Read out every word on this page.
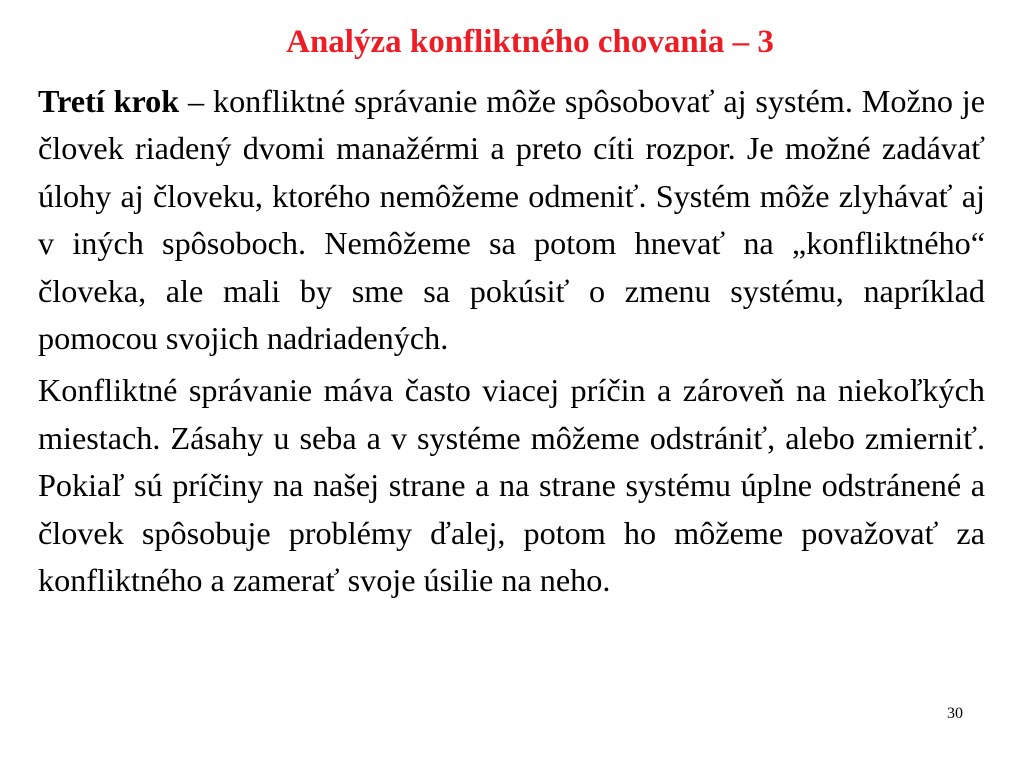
Analýza konfliktného chovania – 3

Tretí krok – konfliktné správanie môže spôsobovať aj systém. Možno je človek riadený dvomi manažérmi a preto cíti rozpor. Je možné zadávať úlohy aj človeku, ktorého nemôžeme odmeniť. Systém môže zlyhávať aj v iných spôsoboch. Nemôžeme sa potom hnevať na „konfliktného“ človeka, ale mali by sme sa pokúsiť o zmenu systému, napríklad pomocou svojich nadriadených.

Konfliktné správanie máva často viacej príčin a zároveň na niekoľkých miestach. Zásahy u seba a v systéme môžeme odstrániť, alebo zmierniť. Pokiaľ sú príčiny na našej strane a na strane systému úplne odstránené a človek spôsobuje problémy ďalej, potom ho môžeme považovať za konfliktného a zamerať svoje úsilie na neho.

30
